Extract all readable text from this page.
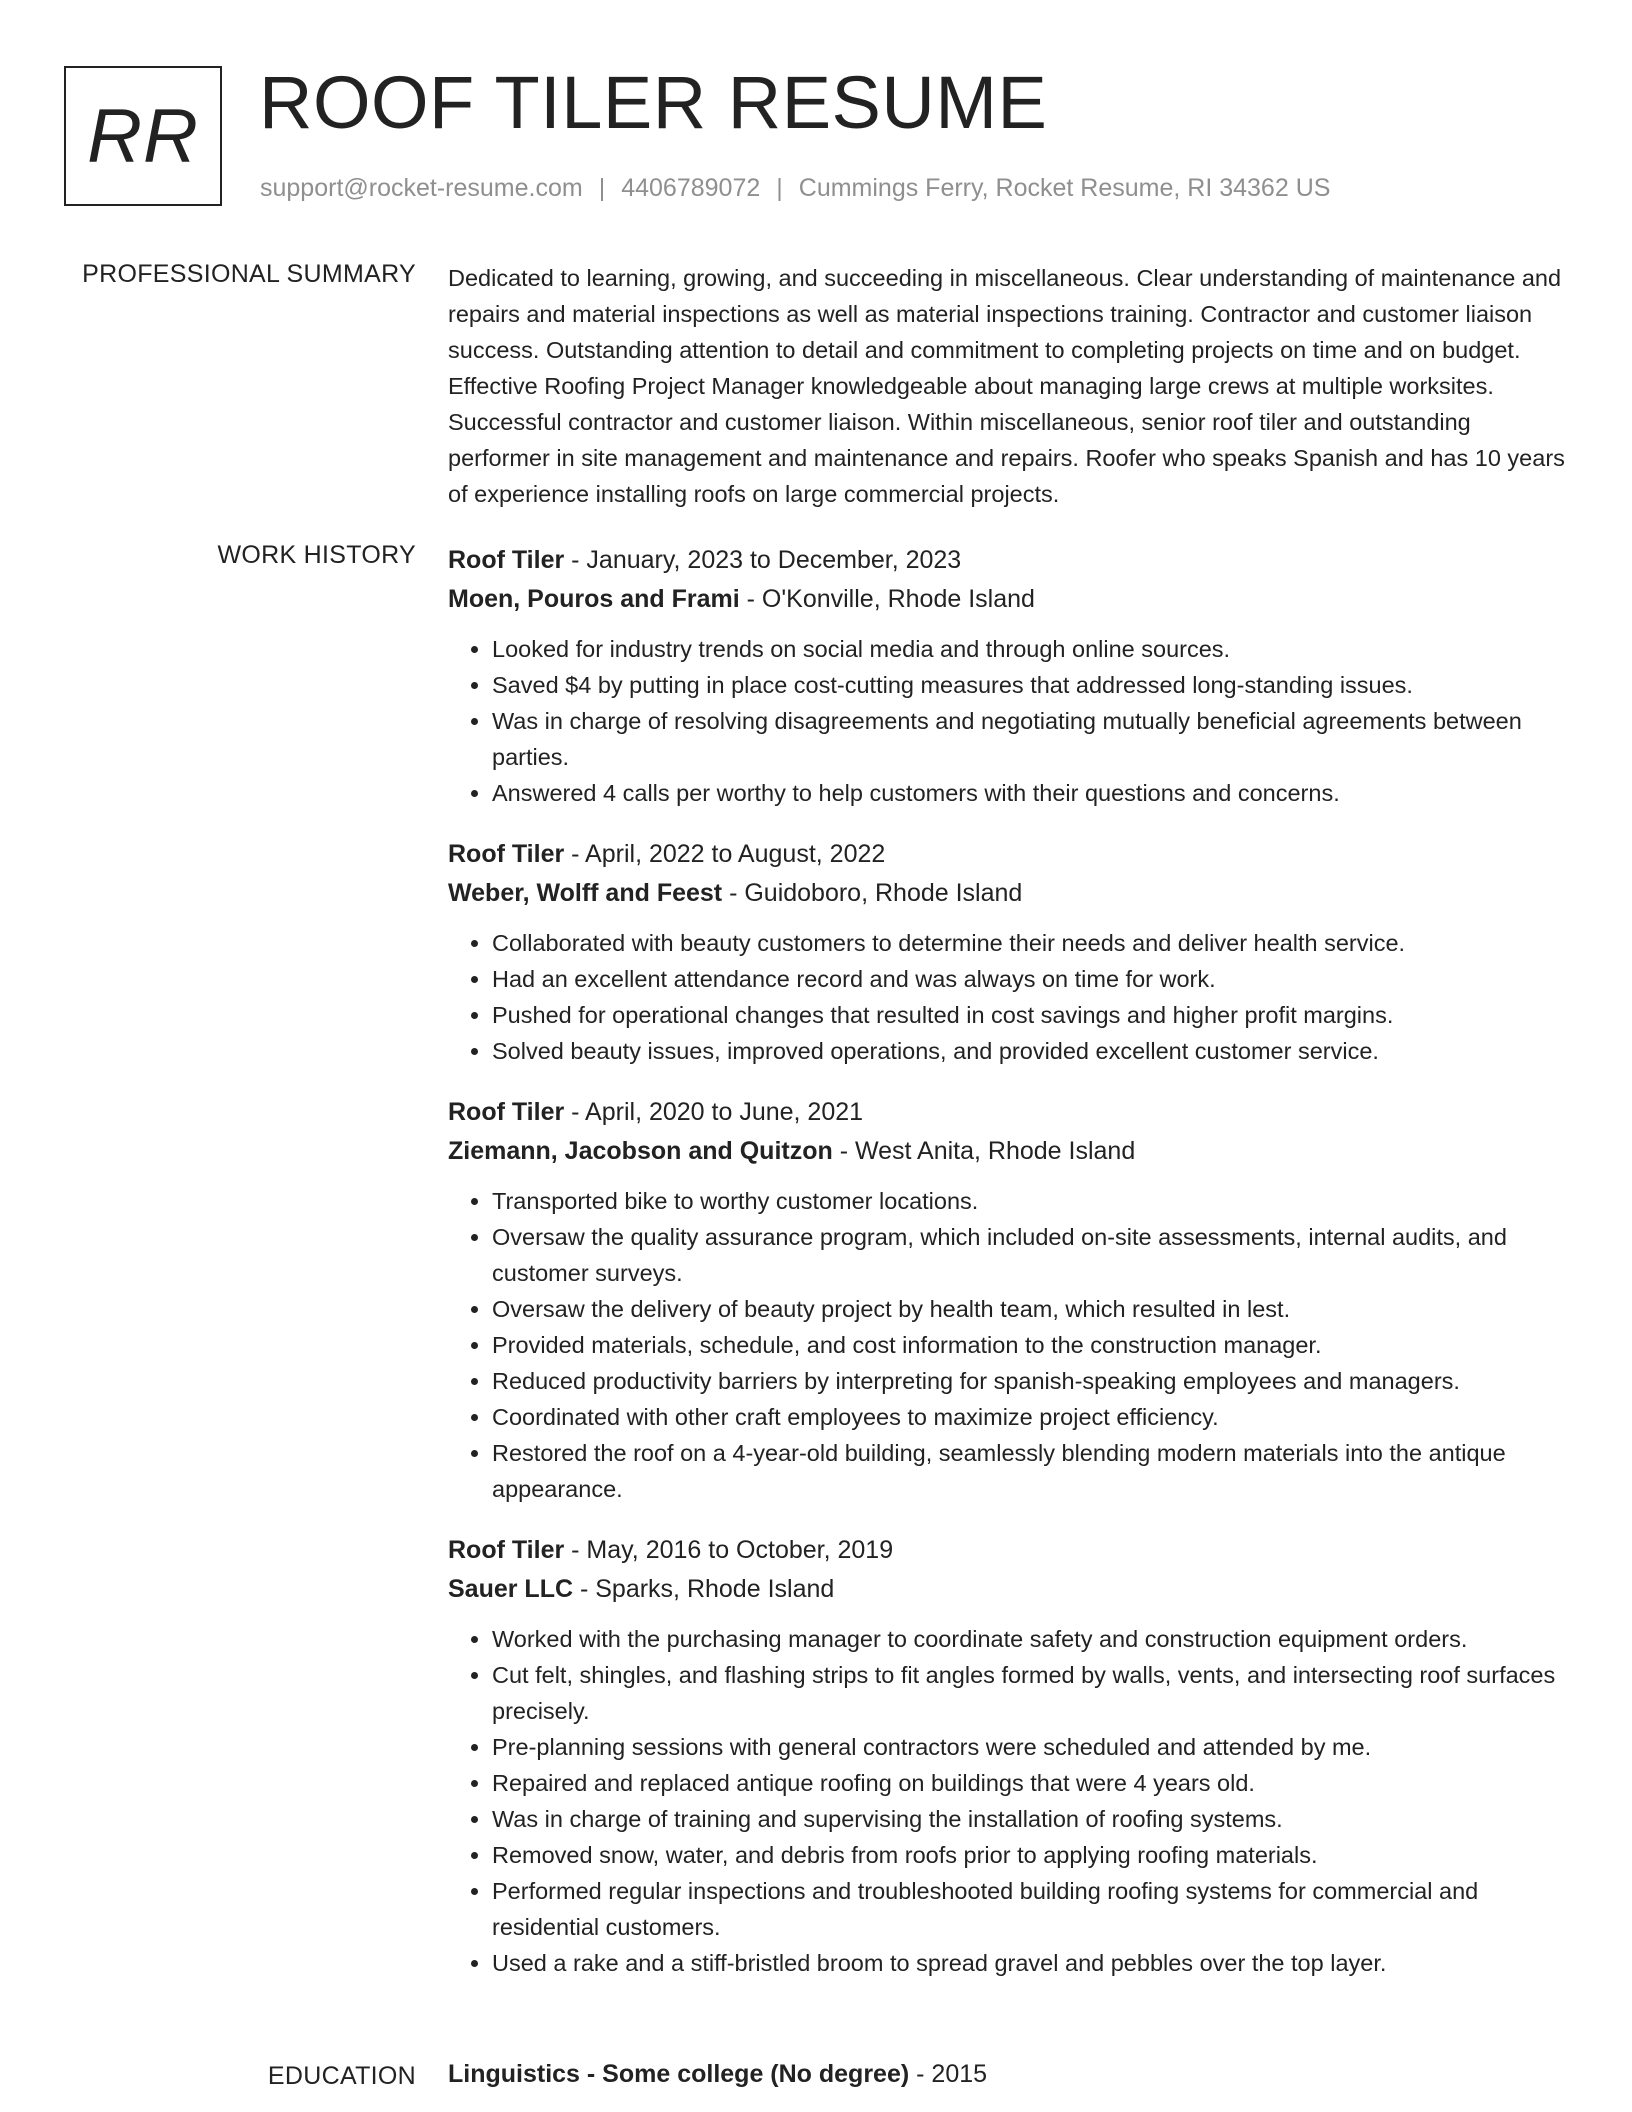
RR ROOF TILER RESUME
support@rocket-resume.com | 4406789072 | Cummings Ferry, Rocket Resume, RI 34362 US
PROFESSIONAL SUMMARY Dedicated to learning, growing, and succeeding in miscellaneous. Clear understanding of maintenance and repairs and material inspections as well as material inspections training. Contractor and customer liaison success. Outstanding attention to detail and commitment to completing projects on time and on budget. Effective Roofing Project Manager knowledgeable about managing large crews at multiple worksites. Successful contractor and customer liaison. Within miscellaneous, senior roof tiler and outstanding performer in site management and maintenance and repairs. Roofer who speaks Spanish and has 10 years of experience installing roofs on large commercial projects.

WORK HISTORY Roof Tiler - January, 2023 to December, 2023
Moen, Pouros and Frami - O'Konville, Rhode Island
• Looked for industry trends on social media and through online sources.
• Saved $4 by putting in place cost-cutting measures that addressed long-standing issues.
• Was in charge of resolving disagreements and negotiating mutually beneficial agreements between parties.
• Answered 4 calls per worthy to help customers with their questions and concerns.
Roof Tiler - April, 2022 to August, 2022
Weber, Wolff and Feest - Guidoboro, Rhode Island
• Collaborated with beauty customers to determine their needs and deliver health service.
• Had an excellent attendance record and was always on time for work.
• Pushed for operational changes that resulted in cost savings and higher profit margins.
• Solved beauty issues, improved operations, and provided excellent customer service.
Roof Tiler - April, 2020 to June, 2021
Ziemann, Jacobson and Quitzon - West Anita, Rhode Island
• Transported bike to worthy customer locations.
• Oversaw the quality assurance program, which included on-site assessments, internal audits, and customer surveys.
• Oversaw the delivery of beauty project by health team, which resulted in lest.
• Provided materials, schedule, and cost information to the construction manager.
• Reduced productivity barriers by interpreting for spanish-speaking employees and managers.
• Coordinated with other craft employees to maximize project efficiency.
• Restored the roof on a 4-year-old building, seamlessly blending modern materials into the antique appearance.
Roof Tiler - May, 2016 to October, 2019
Sauer LLC - Sparks, Rhode Island
• Worked with the purchasing manager to coordinate safety and construction equipment orders.
• Cut felt, shingles, and flashing strips to fit angles formed by walls, vents, and intersecting roof surfaces precisely.
• Pre-planning sessions with general contractors were scheduled and attended by me.
• Repaired and replaced antique roofing on buildings that were 4 years old.
• Was in charge of training and supervising the installation of roofing systems.
• Removed snow, water, and debris from roofs prior to applying roofing materials.
• Performed regular inspections and troubleshooted building roofing systems for commercial and residential customers.
• Used a rake and a stiff-bristled broom to spread gravel and pebbles over the top layer.
EDUCATION Linguistics - Some college (No degree) - 2015
